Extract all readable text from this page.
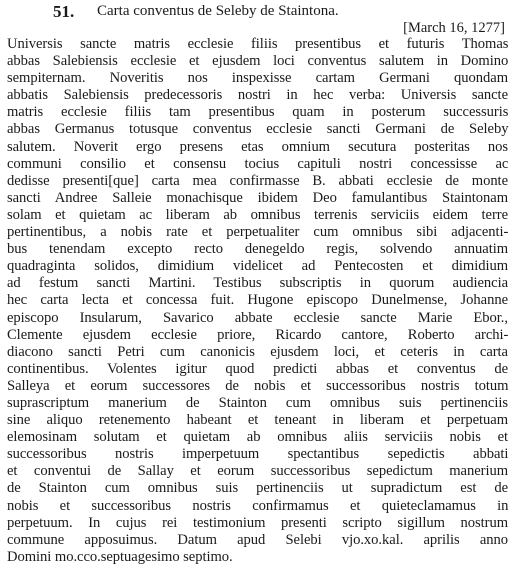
51. Carta conventus de Seleby de Staintona.
[March 16, 1277]
Universis sancte matris ecclesie filiis presentibus et futuris Thomas
abbas Salebiensis ecclesie et ejusdem loci conventus salutem in Domino
sempiternam. Noveritis nos inspexisse cartam Germani quondam
abbatis Salebiensis predecessoris nostri in hec verba: Universis sancte
matris ecclesie filiis tam presentibus quam in posterum successuris
abbas Germanus totusque conventus ecclesie sancti Germani de Seleby
salutem. Noverit ergo presens etas omnium secutura posteritas nos
communi consilio et consensu tocius capituli nostri concessisse ac
dedisse presenti[que] carta mea confirmasse B. abbati ecclesie de monte
sancti Andree Salleie monachisque ibidem Deo famulantibus Staintonam
solam et quietam ac liberam ab omnibus terrenis serviciis eidem terre
pertinentibus, a nobis rate et perpetualiter cum omnibus sibi adjacenti-
bus tenendam excepto recto denegeldo regis, solvendo annuatim
quadraginta solidos, dimidium videlicet ad Pentecosten et dimidium
ad festum sancti Martini. Testibus subscriptis in quorum audiencia
hec carta lecta et concessa fuit. Hugone episcopo Dunelmense, Johanne
episcopo Insularum, Savarico abbate ecclesie sancte Marie Ebor.,
Clemente ejusdem ecclesie priore, Ricardo cantore, Roberto archi-
diacono sancti Petri cum canonicis ejusdem loci, et ceteris in carta
continentibus. Volentes igitur quod predicti abbas et conventus de
Salleya et eorum successores de nobis et successoribus nostris totum
suprascriptum manerium de Stainton cum omnibus suis pertinenciis
sine aliquo retenemento habeant et teneant in liberam et perpetuam
elemosinam solutam et quietam ab omnibus aliis serviciis nobis et
successoribus nostris imperpetuum spectantibus sepedictis abbati
et conventui de Sallay et eorum successoribus sepedictum manerium
de Stainton cum omnibus suis pertinenciis ut supradictum est de
nobis et successoribus nostris confirmamus et quieteclamamus in
perpetuum. In cujus rei testimonium presenti scripto sigillum nostrum
commune apposuimus. Datum apud Selebi vjo.xo.kal. aprilis anno
Domini mo.cco.septuagesimo septimo.
